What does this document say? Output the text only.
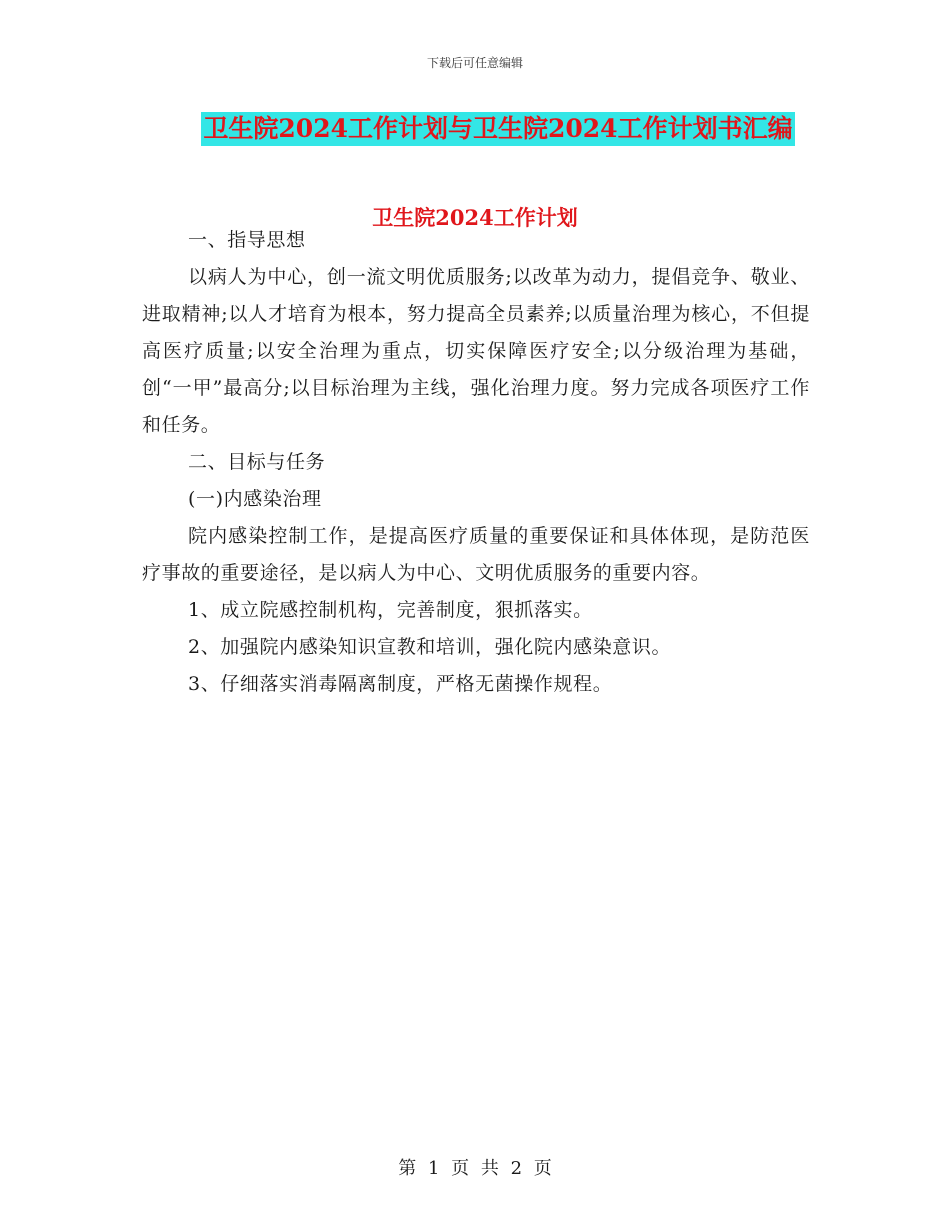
下载后可任意编辑
卫生院2024工作计划与卫生院2024工作计划书汇编
卫生院2024工作计划

一、指导思想

以病人为中心，创一流文明优质服务;以改革为动力，提倡竞争、敬业、进取精神;以人才培育为根本，努力提高全员素养;以质量治理为核心，不但提高医疗质量;以安全治理为重点，切实保障医疗安全;以分级治理为基础，创“一甲”最高分;以目标治理为主线，强化治理力度。努力完成各项医疗工作和任务。

二、目标与任务

(一)内感染治理

院内感染控制工作，是提高医疗质量的重要保证和具体体现，是防范医疗事故的重要途径，是以病人为中心、文明优质服务的重要内容。

1、成立院感控制机构，完善制度，狠抓落实。

2、加强院内感染知识宣教和培训，强化院内感染意识。

3、仔细落实消毒隔离制度，严格无菌操作规程。

第 1 页 共 2 页
